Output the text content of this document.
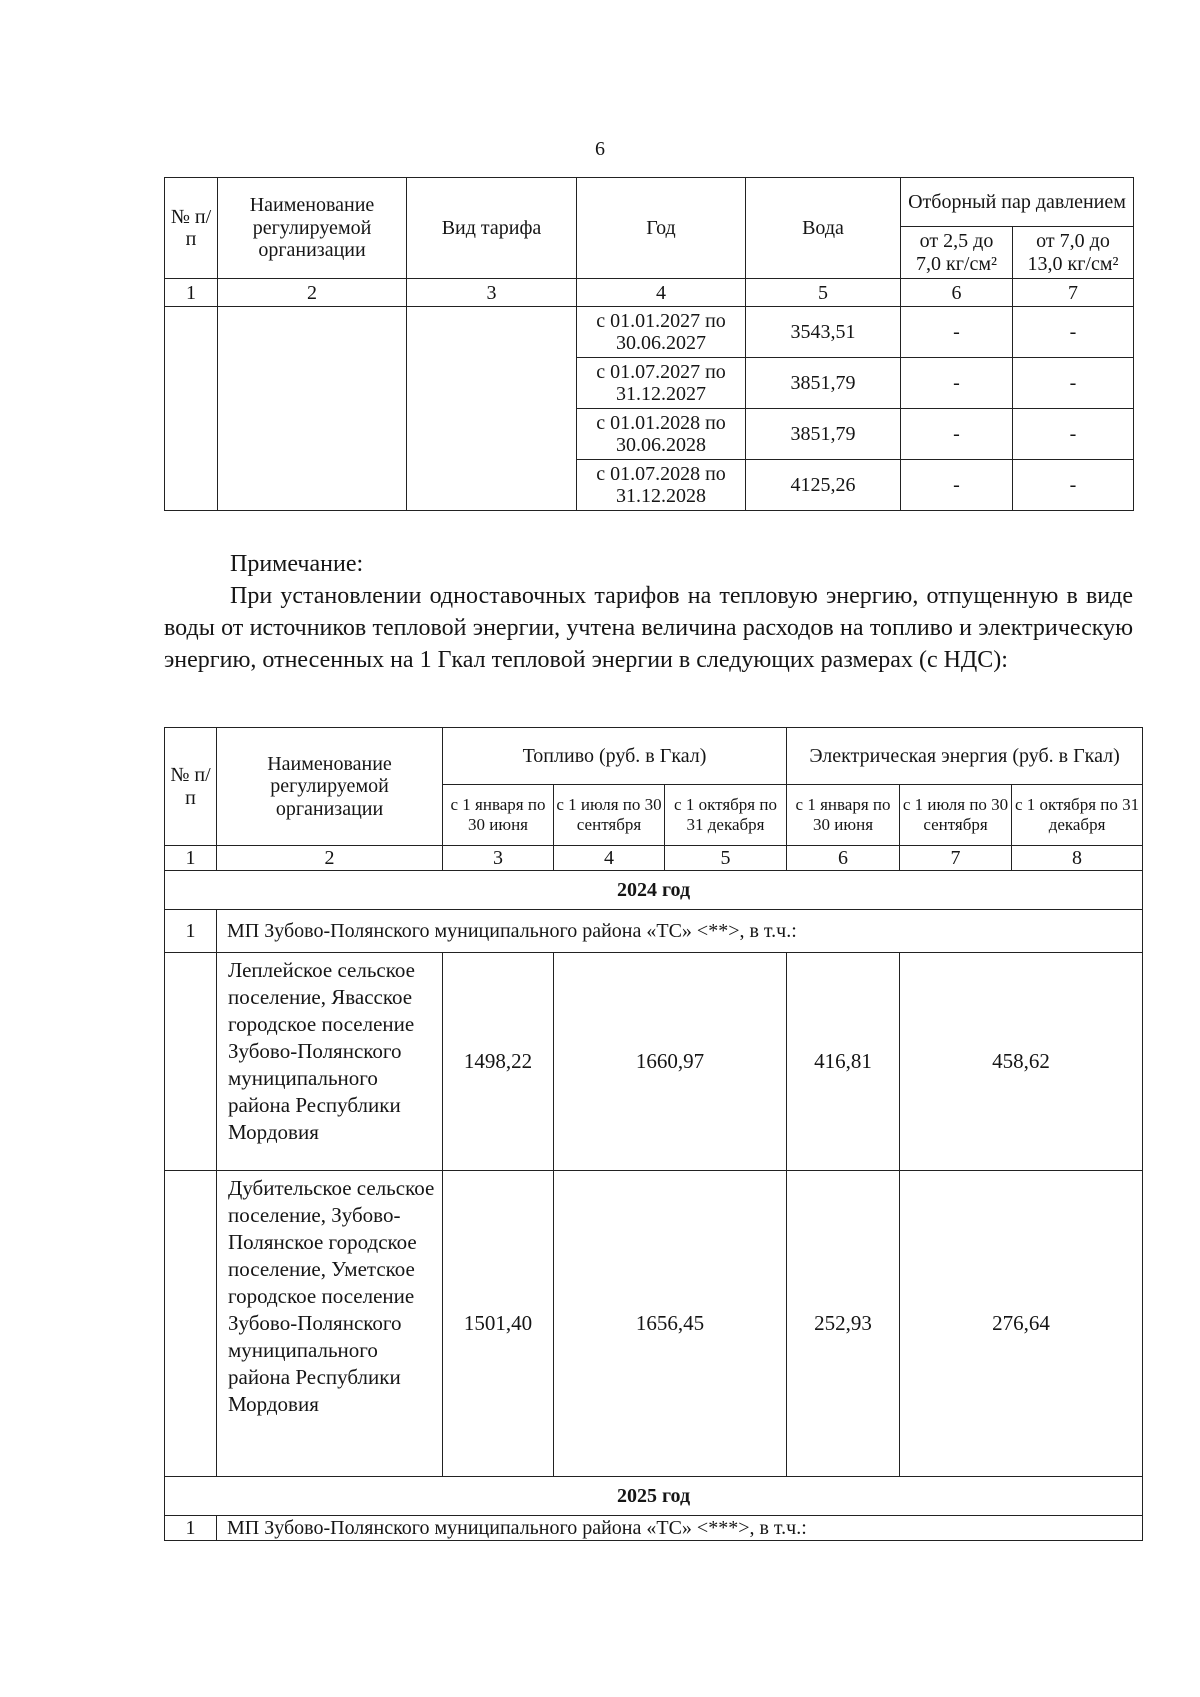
6
№ п/п	Наименование регулируемой организации	Вид тарифа	Год	Вода	Отборный пар давлением	
					от 2,5 до 7,0 кг/см²	от 7,0 до 13,0 кг/см²
1	2	3	4	5	6	7
			с 01.01.2027 по 30.06.2027	3543,51	-	-
			с 01.07.2027 по 31.12.2027	3851,79	-	-
			с 01.01.2028 по 30.06.2028	3851,79	-	-
			с 01.07.2028 по 31.12.2028	4125,26	-	-
Примечание:
При установлении одноставочных тарифов на тепловую энергию, отпущенную в виде воды от источников тепловой энергии, учтена величина расходов на топливо и электрическую энергию, отнесенных на 1 Гкал тепловой энергии в следующих размерах (с НДС):
№ п/п	Наименование регулируемой организации	Топливо (руб. в Гкал)			Электрическая энергия (руб. в Гкал)		
		с 1 января по 30 июня	с 1 июля по 30 сентября	с 1 октября по 31 декабря	с 1 января по 30 июня	с 1 июля по 30 сентября	с 1 октября по 31 декабря
1	2	3	4	5	6	7	8
2024 год							
1	МП Зубово-Полянского муниципального района «ТС» <**>, в т.ч.:						
	Леплейское сельское поселение, Явасское городское поселение Зубово-Полянского муниципального района Республики Мордовия	1498,22	1660,97		416,81	458,62	
	Дубительское сельское поселение, Зубово-Полянское городское поселение, Уметское городское поселение Зубово-Полянского муниципального района Республики Мордовия	1501,40	1656,45		252,93	276,64	
2025 год							
1	МП Зубово-Полянского муниципального района «ТС» <***>, в т.ч.:						
